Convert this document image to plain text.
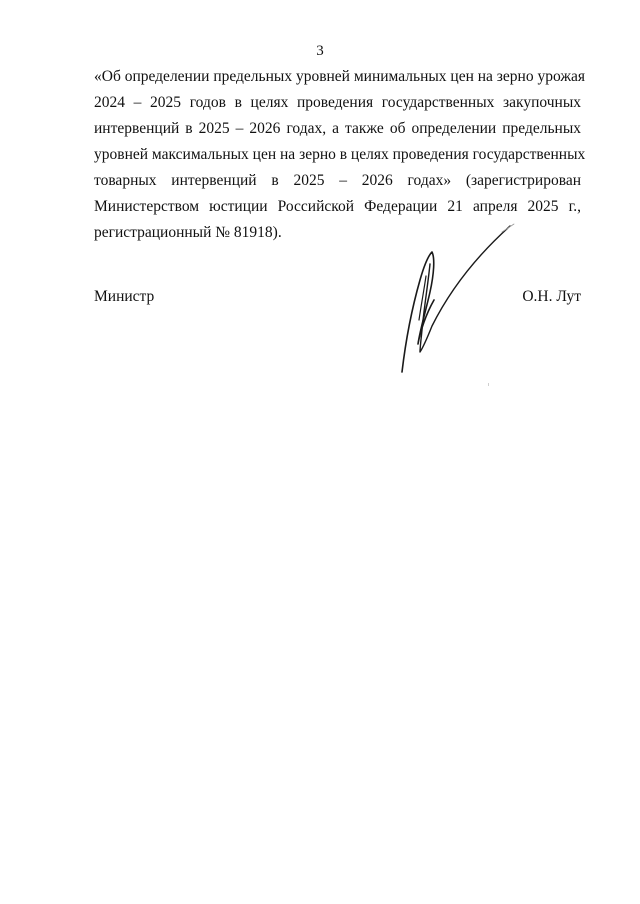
3
«Об определении предельных уровней минимальных цен на зерно урожая
2024 – 2025 годов в целях проведения государственных закупочных
интервенций в 2025 – 2026 годах, а также об определении предельных
уровней максимальных цен на зерно в целях проведения государственных
товарных интервенций в 2025 – 2026 годах» (зарегистрирован
Министерством юстиции Российской Федерации 21 апреля 2025 г.,
регистрационный № 81918).
Министр	О.Н. Лут
